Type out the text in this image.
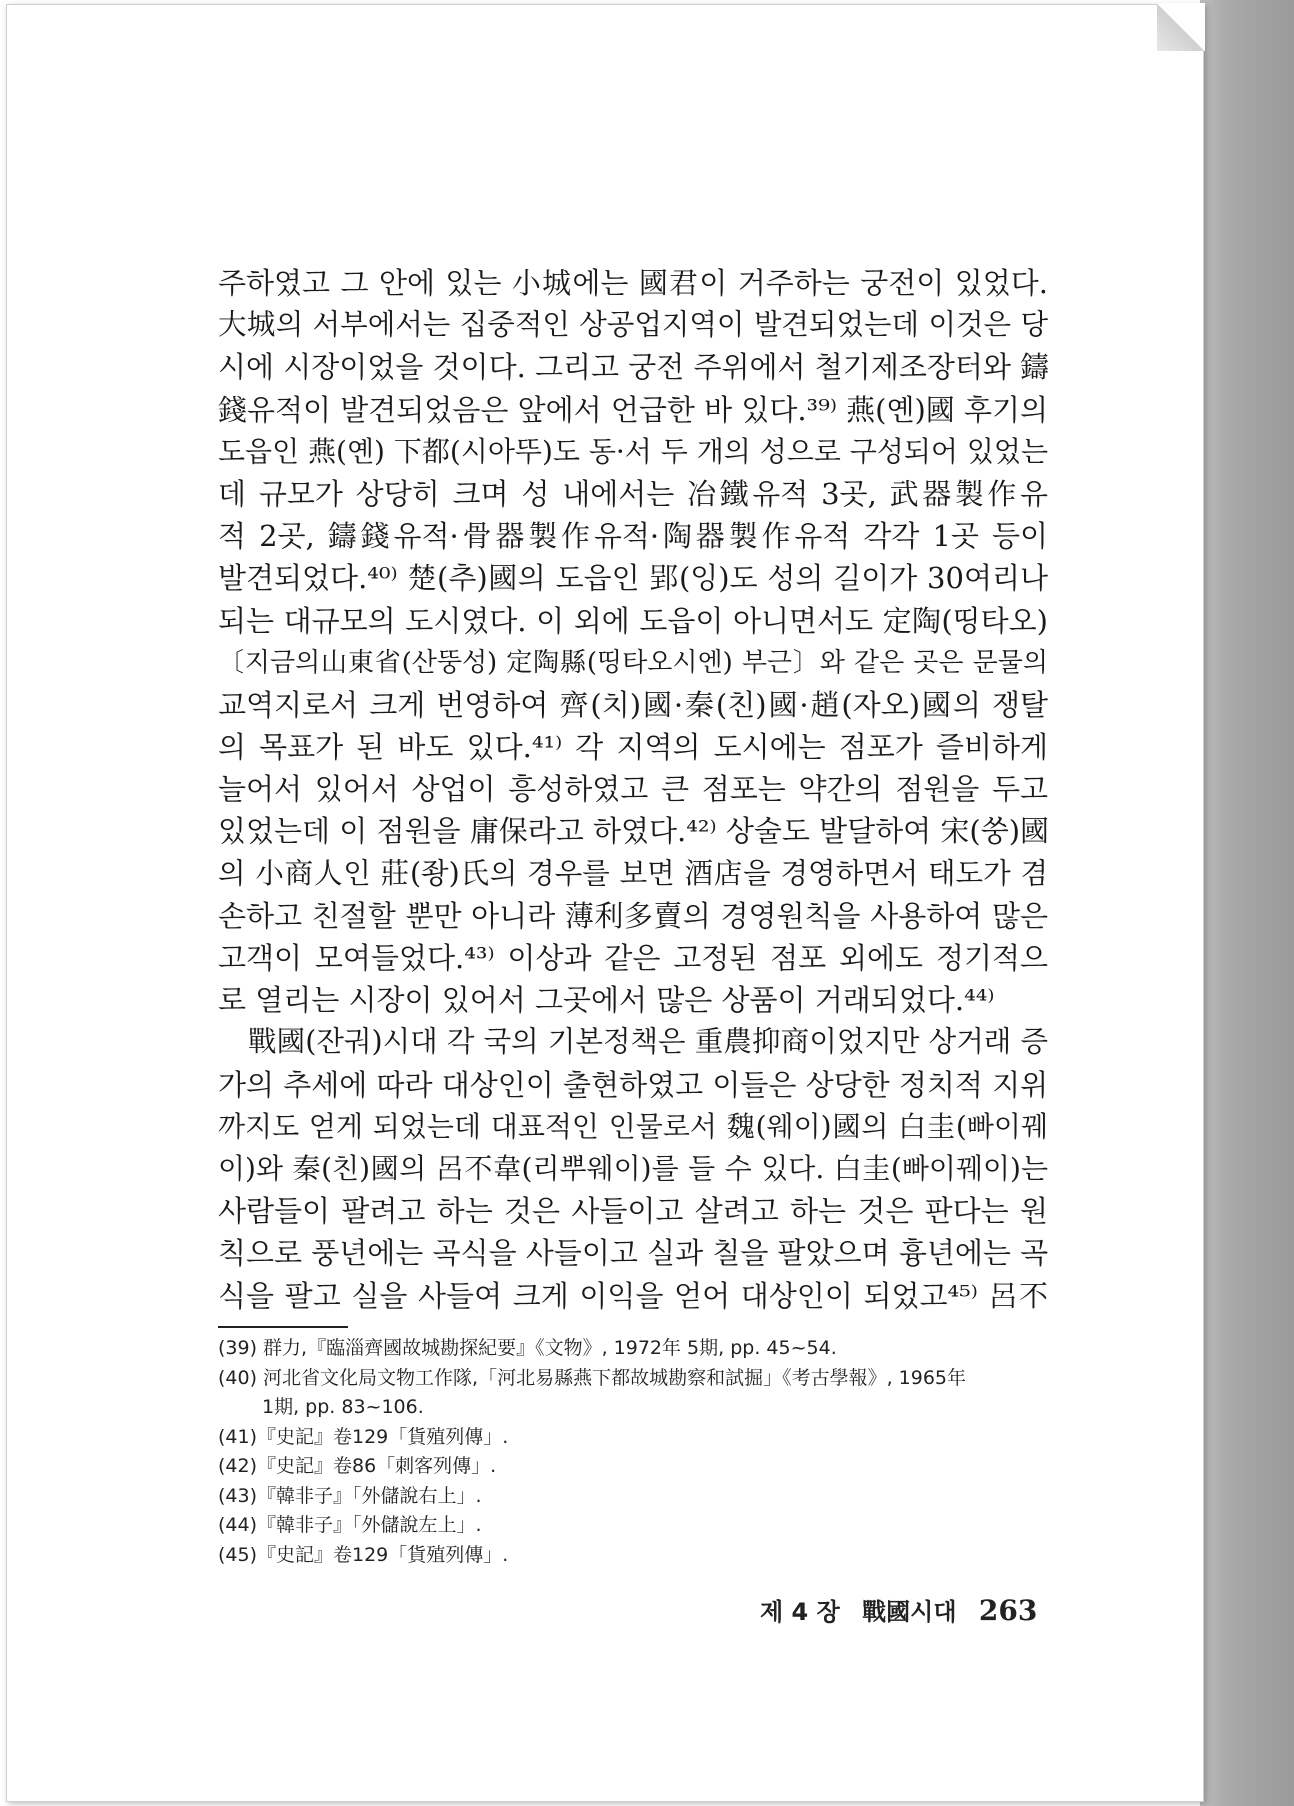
주하였고 그 안에 있는 小城에는 國君이 거주하는 궁전이 있었다.
大城의 서부에서는 집중적인 상공업지역이 발견되었는데 이것은 당
시에 시장이었을 것이다. 그리고 궁전 주위에서 철기제조장터와 鑄
錢유적이 발견되었음은 앞에서 언급한 바 있다.³⁹⁾ 燕(옌)國 후기의
도읍인 燕(옌) 下都(시아뚜)도 동·서 두 개의 성으로 구성되어 있었는
데 규모가 상당히 크며 성 내에서는 冶鐵유적 3곳, 武器製作유
적 2곳, 鑄錢유적·骨器製作유적·陶器製作유적 각각 1곳 등이
발견되었다.⁴⁰⁾ 楚(추)國의 도읍인 郢(잉)도 성의 길이가 30여리나
되는 대규모의 도시였다. 이 외에 도읍이 아니면서도 定陶(띵타오)
〔지금의山東省(산뚱성) 定陶縣(띵타오시엔) 부근〕와 같은 곳은 문물의
교역지로서 크게 번영하여 齊(치)國·秦(친)國·趙(자오)國의 쟁탈
의 목표가 된 바도 있다.⁴¹⁾ 각 지역의 도시에는 점포가 즐비하게
늘어서 있어서 상업이 흥성하였고 큰 점포는 약간의 점원을 두고
있었는데 이 점원을 庸保라고 하였다.⁴²⁾ 상술도 발달하여 宋(쑹)國
의 小商人인 莊(좡)氏의 경우를 보면 酒店을 경영하면서 태도가 겸
손하고 친절할 뿐만 아니라 薄利多賣의 경영원칙을 사용하여 많은
고객이 모여들었다.⁴³⁾ 이상과 같은 고정된 점포 외에도 정기적으
로 열리는 시장이 있어서 그곳에서 많은 상품이 거래되었다.⁴⁴⁾
戰國(잔궈)시대 각 국의 기본정책은 重農抑商이었지만 상거래 증
가의 추세에 따라 대상인이 출현하였고 이들은 상당한 정치적 지위
까지도 얻게 되었는데 대표적인 인물로서 魏(웨이)國의 白圭(빠이꿰
이)와 秦(친)國의 呂不韋(리뿌웨이)를 들 수 있다. 白圭(빠이꿰이)는
사람들이 팔려고 하는 것은 사들이고 살려고 하는 것은 판다는 원
칙으로 풍년에는 곡식을 사들이고 실과 칠을 팔았으며 흉년에는 곡
식을 팔고 실을 사들여 크게 이익을 얻어 대상인이 되었고⁴⁵⁾ 呂不
(39) 群力,『臨淄齊國故城勘探紀要』《文物》, 1972年 5期, pp. 45~54.
(40) 河北省文化局文物工作隊,「河北易縣燕下都故城勘察和試掘」《考古學報》, 1965年
1期, pp. 83~106.
(41)『史記』卷129「貨殖列傳」.
(42)『史記』卷86「刺客列傳」.
(43)『韓非子』「外儲說右上」.
(44)『韓非子』「外儲說左上」.
(45)『史記』卷129「貨殖列傳」.
제 4 장 戰國시대 263
